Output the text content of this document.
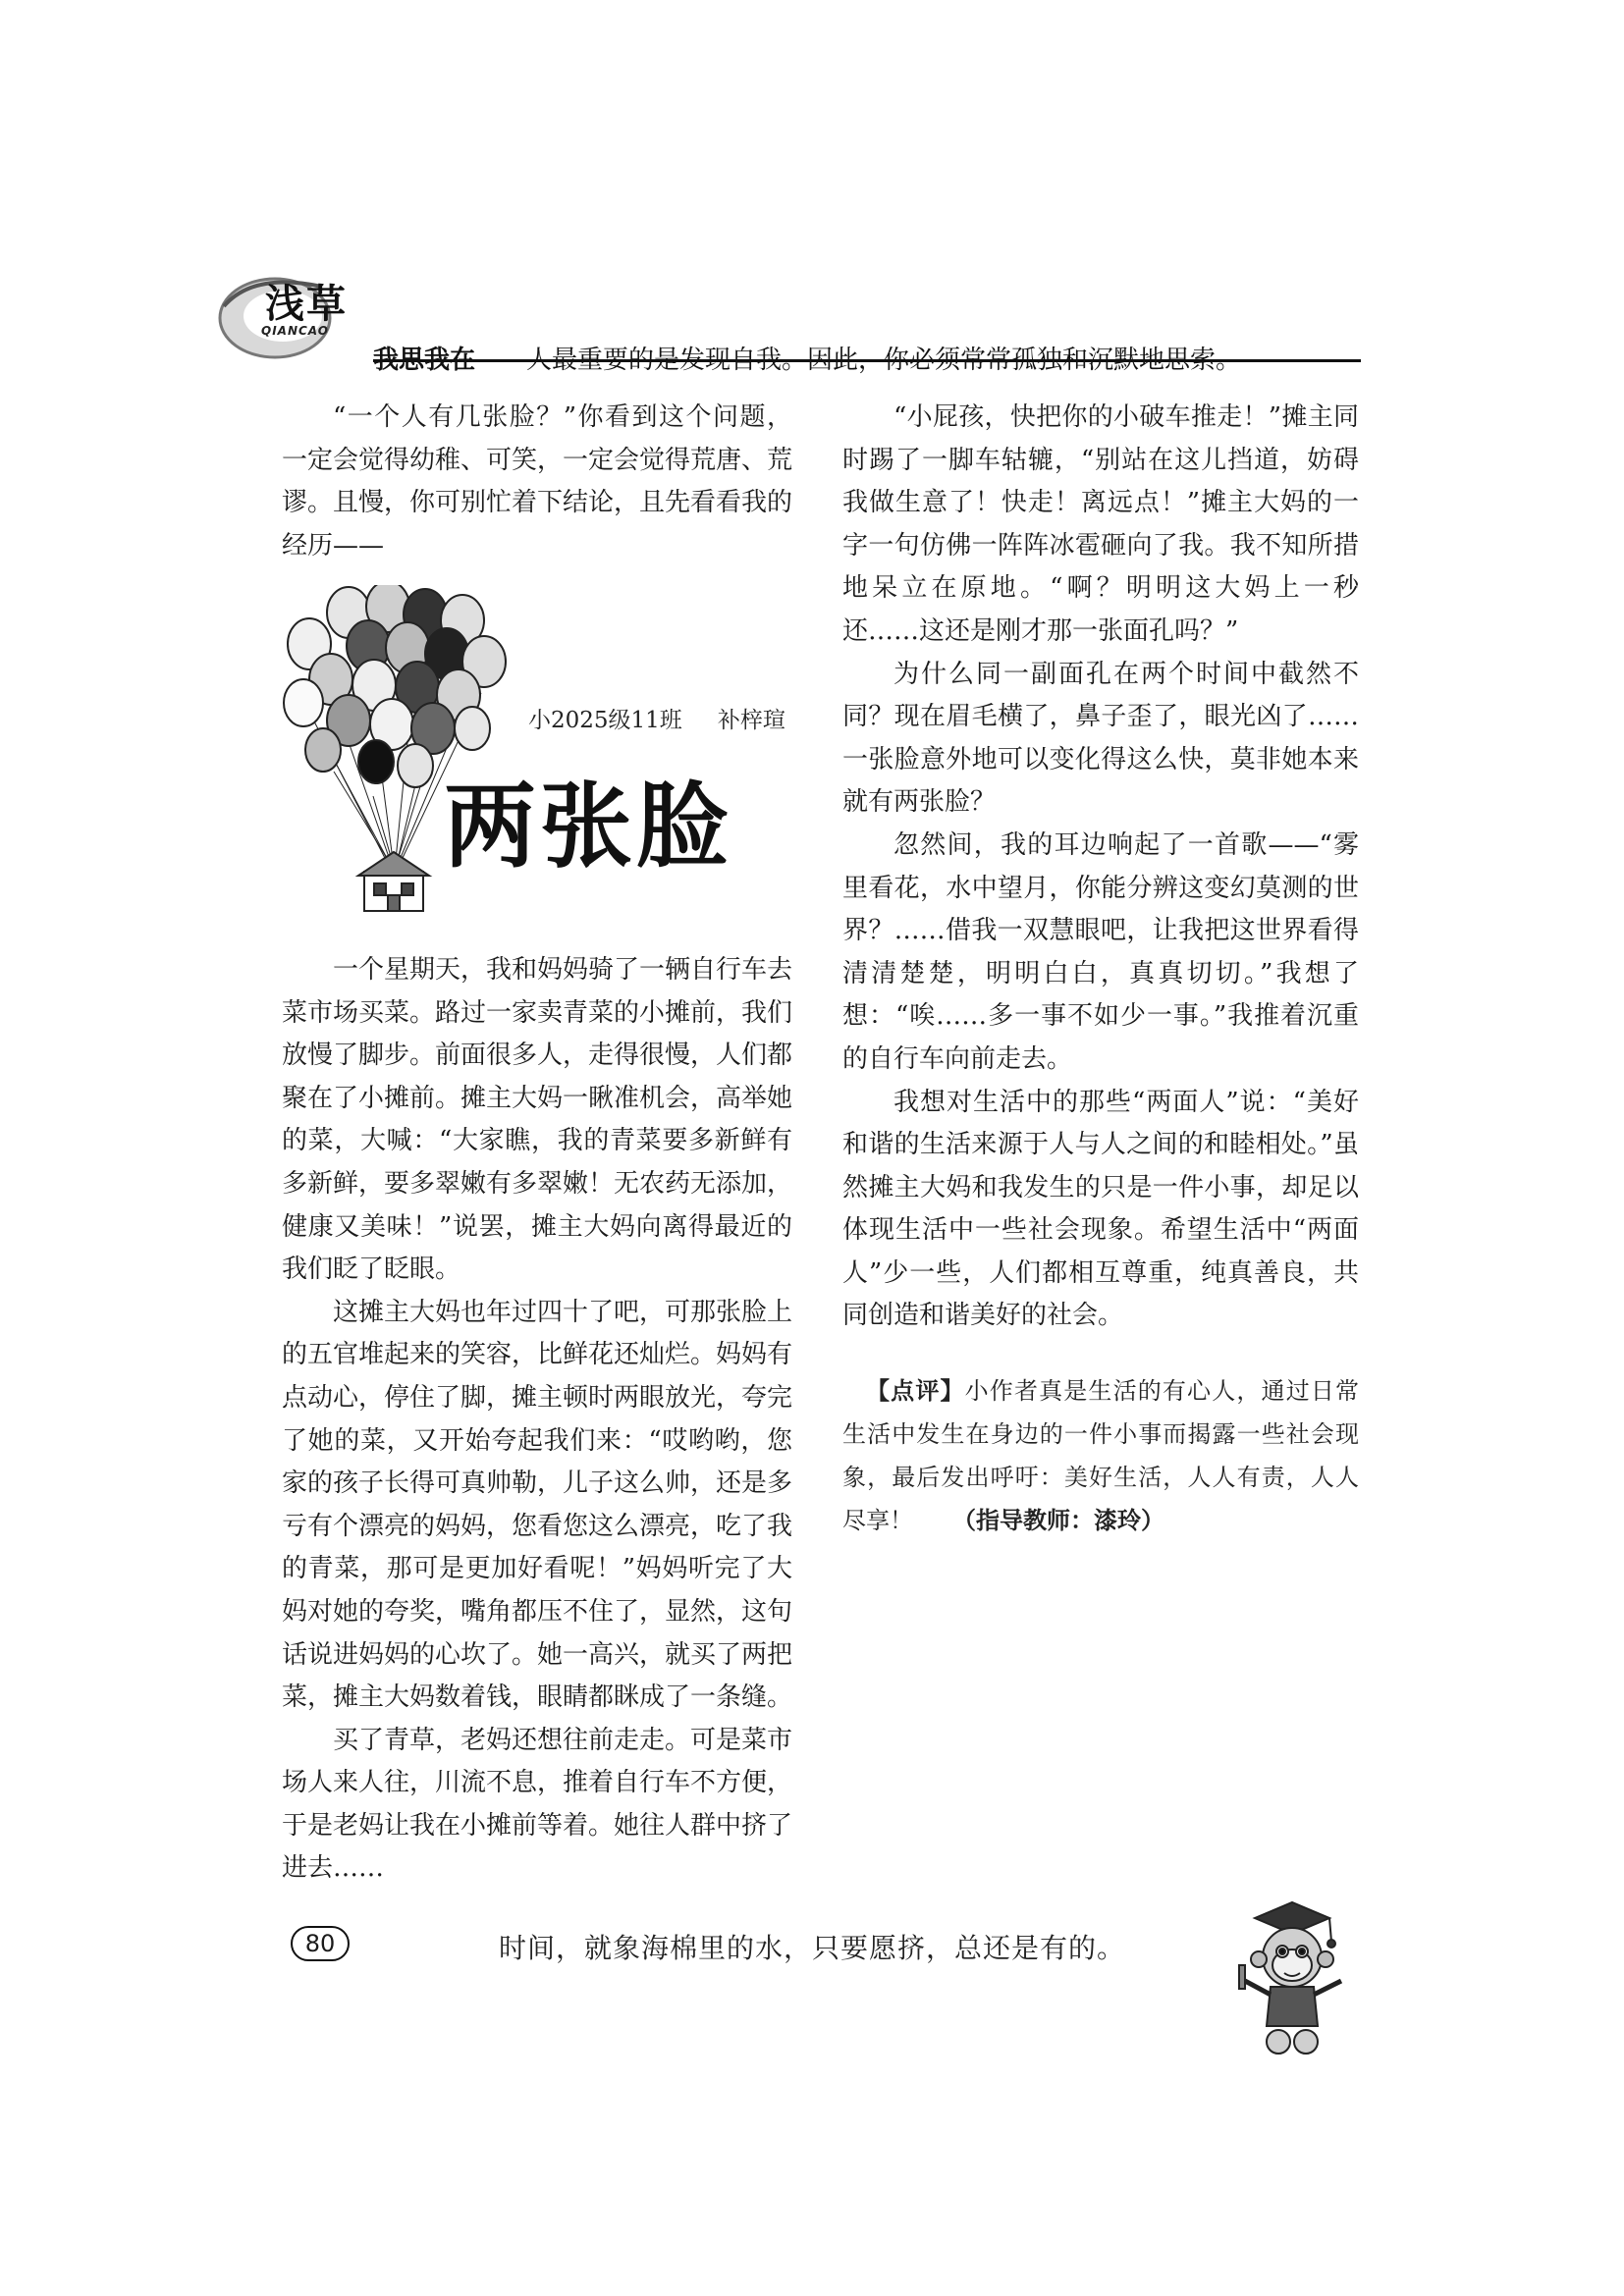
浅草
QIANCAO
我思我在——人最重要的是发现自我。因此，你必须常常孤独和沉默地思索。

“一个人有几张脸？”你看到这个问题，一定会觉得幼稚、可笑，一定会觉得荒唐、荒谬。且慢，你可别忙着下结论，且先看看我的经历——

小2025级11班 补梓瑄
两张脸

一个星期天，我和妈妈骑了一辆自行车去菜市场买菜。路过一家卖青菜的小摊前，我们放慢了脚步。前面很多人，走得很慢，人们都聚在了小摊前。摊主大妈一瞅准机会，高举她的菜，大喊：“大家瞧，我的青菜要多新鲜有多新鲜，要多翠嫩有多翠嫩！无农药无添加，健康又美味！”说罢，摊主大妈向离得最近的我们眨了眨眼。

这摊主大妈也年过四十了吧，可那张脸上的五官堆起来的笑容，比鲜花还灿烂。妈妈有点动心，停住了脚，摊主顿时两眼放光，夸完了她的菜，又开始夸起我们来：“哎哟哟，您家的孩子长得可真帅勒，儿子这么帅，还是多亏有个漂亮的妈妈，您看您这么漂亮，吃了我的青菜，那可是更加好看呢！”妈妈听完了大妈对她的夸奖，嘴角都压不住了，显然，这句话说进妈妈的心坎了。她一高兴，就买了两把菜，摊主大妈数着钱，眼睛都眯成了一条缝。

买了青草，老妈还想往前走走。可是菜市场人来人往，川流不息，推着自行车不方便，于是老妈让我在小摊前等着。她往人群中挤了进去……

“小屁孩，快把你的小破车推走！”摊主同时踢了一脚车轱辘，“别站在这儿挡道，妨碍我做生意了！快走！离远点！”摊主大妈的一字一句仿佛一阵阵冰雹砸向了我。我不知所措地呆立在原地。“啊？明明这大妈上一秒还……这还是刚才那一张面孔吗？”

为什么同一副面孔在两个时间中截然不同？现在眉毛横了，鼻子歪了，眼光凶了……一张脸意外地可以变化得这么快，莫非她本来就有两张脸？

忽然间，我的耳边响起了一首歌——“雾里看花，水中望月，你能分辨这变幻莫测的世界？……借我一双慧眼吧，让我把这世界看得清清楚楚，明明白白，真真切切。”我想了想：“唉……多一事不如少一事。”我推着沉重的自行车向前走去。

我想对生活中的那些“两面人”说：“美好和谐的生活来源于人与人之间的和睦相处。”虽然摊主大妈和我发生的只是一件小事，却足以体现生活中一些社会现象。希望生活中“两面人”少一些，人们都相互尊重，纯真善良，共同创造和谐美好的社会。

【点评】小作者真是生活的有心人，通过日常生活中发生在身边的一件小事而揭露一些社会现象，最后发出呼吁：美好生活，人人有责，人人尽享！ （指导教师：漆玲）

80	时间，就象海棉里的水，只要愿挤，总还是有的。
